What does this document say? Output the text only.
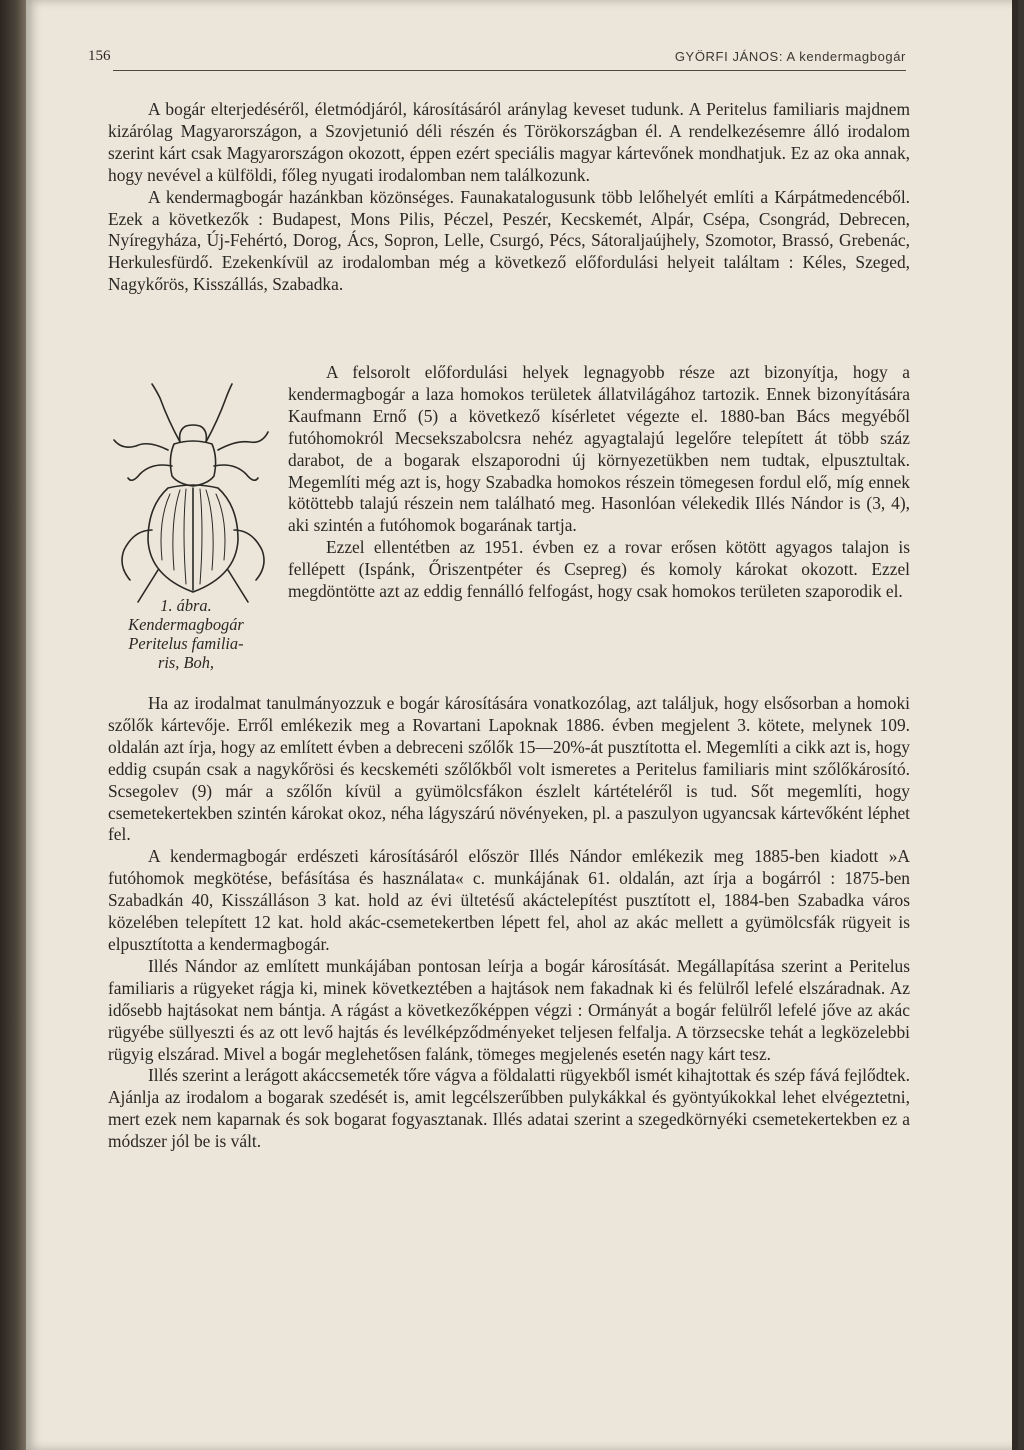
156	GYÖRFI JÁNOS: A kendermagbogár

A bogár elterjedéséről, életmódjáról, károsításáról aránylag keveset tudunk. A Peritelus familiaris majdnem kizárólag Magyarországon, a Szovjetunió déli részén és Törökországban él. A rendelkezésemre álló irodalom szerint kárt csak Magyarországon okozott, éppen ezért speciális magyar kártevőnek mondhatjuk. Ez az oka annak, hogy nevével a külföldi, főleg nyugati irodalomban nem találkozunk.

A kendermagbogár hazánkban közönséges. Faunakatalogusunk több lelőhelyét említi a Kárpátmedencéből. Ezek a következők : Budapest, Mons Pilis, Péczel, Peszér, Kecskemét, Alpár, Csépa, Csongrád, Debrecen, Nyíregyháza, Új-Fehértó, Dorog, Ács, Sopron, Lelle, Csurgó, Pécs, Sátoraljaújhely, Szomotor, Brassó, Grebenác, Herkulesfürdő. Ezekenkívül az irodalomban még a következő előfordulási helyeit találtam : Kéles, Szeged, Nagykőrös, Kisszállás, Szabadka.

1. ábra.
Kendermagbogár
Peritelus familia-
ris, Boh,

A felsorolt előfordulási helyek legnagyobb része azt bizonyítja, hogy a kendermagbogár a laza homokos területek állatvilágához tartozik. Ennek bizonyítására Kaufmann Ernő (5) a következő kísérletet végezte el. 1880-ban Bács megyéből futóhomokról Mecsekszabolcsra nehéz agyagtalajú legelőre telepített át több száz darabot, de a bogarak elszaporodni új környezetükben nem tudtak, elpusztultak. Megemlíti még azt is, hogy Szabadka homokos részein tömegesen fordul elő, míg ennek kötöttebb talajú részein nem található meg. Hasonlóan vélekedik Illés Nándor is (3, 4), aki szintén a futóhomok bogarának tartja.

Ezzel ellentétben az 1951. évben ez a rovar erősen kötött agyagos talajon is fellépett (Ispánk, Őriszentpéter és Csepreg) és komoly károkat okozott. Ezzel megdöntötte azt az eddig fennálló felfogást, hogy csak homokos területen szaporodik el.

Ha az irodalmat tanulmányozzuk e bogár károsítására vonatkozólag, azt találjuk, hogy elsősorban a homoki szőlők kártevője. Erről emlékezik meg a Rovartani Lapoknak 1886. évben megjelent 3. kötete, melynek 109. oldalán azt írja, hogy az említett évben a debreceni szőlők 15—20%-át pusztította el. Megemlíti a cikk azt is, hogy eddig csupán csak a nagykőrösi és kecskeméti szőlőkből volt ismeretes a Peritelus familiaris mint szőlőkárosító. Scsegolev (9) már a szőlőn kívül a gyümölcsfákon észlelt kártételéről is tud. Sőt megemlíti, hogy csemetekertekben szintén károkat okoz, néha lágyszárú növényeken, pl. a paszulyon ugyancsak kártevőként léphet fel.

A kendermagbogár erdészeti károsításáról először Illés Nándor emlékezik meg 1885-ben kiadott »A futóhomok megkötése, befásítása és használata« c. munkájának 61. oldalán, azt írja a bogárról : 1875-ben Szabadkán 40, Kisszálláson 3 kat. hold az évi ültetésű akáctelepítést pusztított el, 1884-ben Szabadka város közelében telepített 12 kat. hold akác-csemetekertben lépett fel, ahol az akác mellett a gyümölcsfák rügyeit is elpusztította a kendermagbogár.

Illés Nándor az említett munkájában pontosan leírja a bogár károsítását. Megállapítása szerint a Peritelus familiaris a rügyeket rágja ki, minek következtében a hajtások nem fakadnak ki és felülről lefelé elszáradnak. Az idősebb hajtásokat nem bántja. A rágást a következőképpen végzi : Ormányát a bogár felülről lefelé jőve az akác rügyébe süllyeszti és az ott levő hajtás és levélképződményeket teljesen felfalja. A törzsecske tehát a legközelebbi rügyig elszárad. Mivel a bogár meglehetősen falánk, tömeges megjelenés esetén nagy kárt tesz.

Illés szerint a lerágott akáccsemeték tőre vágva a földalatti rügyekből ismét kihajtottak és szép fává fejlődtek. Ajánlja az irodalom a bogarak szedését is, amit legcélszerűbben pulykákkal és gyöntyúkokkal lehet elvégeztetni, mert ezek nem kaparnak és sok bogarat fogyasztanak. Illés adatai szerint a szegedkörnyéki csemetekertekben ez a módszer jól be is vált.
